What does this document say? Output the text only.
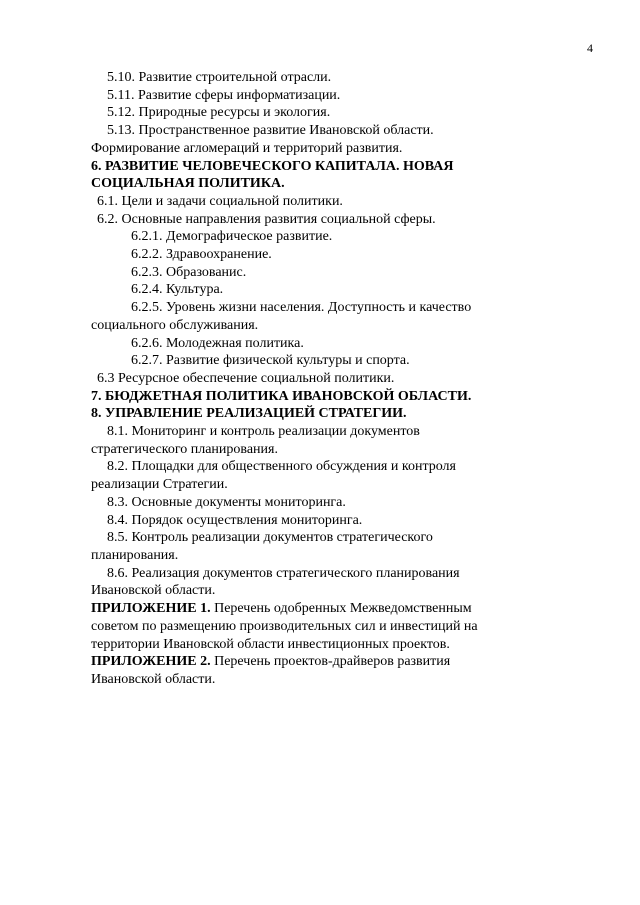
4
5.10. Развитие строительной отрасли.
5.11. Развитие сферы информатизации.
5.12. Природные ресурсы и экология.
5.13. Пространственное развитие Ивановской области.
Формирование агломераций и территорий развития.
6. РАЗВИТИЕ ЧЕЛОВЕЧЕСКОГО КАПИТАЛА. НОВАЯ
СОЦИАЛЬНАЯ ПОЛИТИКА.
6.1. Цели и задачи социальной политики.
6.2. Основные направления развития социальной сферы.
6.2.1. Демографическое развитие.
6.2.2. Здравоохранение.
6.2.3. Образованис.
6.2.4. Культура.
6.2.5. Уровень жизни населения. Доступность и качество
социального обслуживания.
6.2.6. Молодежная политика.
6.2.7. Развитие физической культуры и спорта.
6.3 Ресурсное обеспечение социальной политики.
7. БЮДЖЕТНАЯ ПОЛИТИКА ИВАНОВСКОЙ ОБЛАСТИ.
8. УПРАВЛЕНИЕ РЕАЛИЗАЦИЕЙ СТРАТЕГИИ.
8.1. Мониторинг и контроль реализации документов
стратегического планирования.
8.2. Площадки для общественного обсуждения и контроля
реализации Стратегии.
8.3. Основные документы мониторинга.
8.4. Порядок осуществления мониторинга.
8.5. Контроль реализации документов стратегического
планирования.
8.6. Реализация документов стратегического планирования
Ивановской области.
ПРИЛОЖЕНИЕ 1. Перечень одобренных Межведомственным
советом по размещению производительных сил и инвестиций на
территории Ивановской области инвестиционных проектов.
ПРИЛОЖЕНИЕ 2. Перечень проектов-драйверов развития
Ивановской области.
